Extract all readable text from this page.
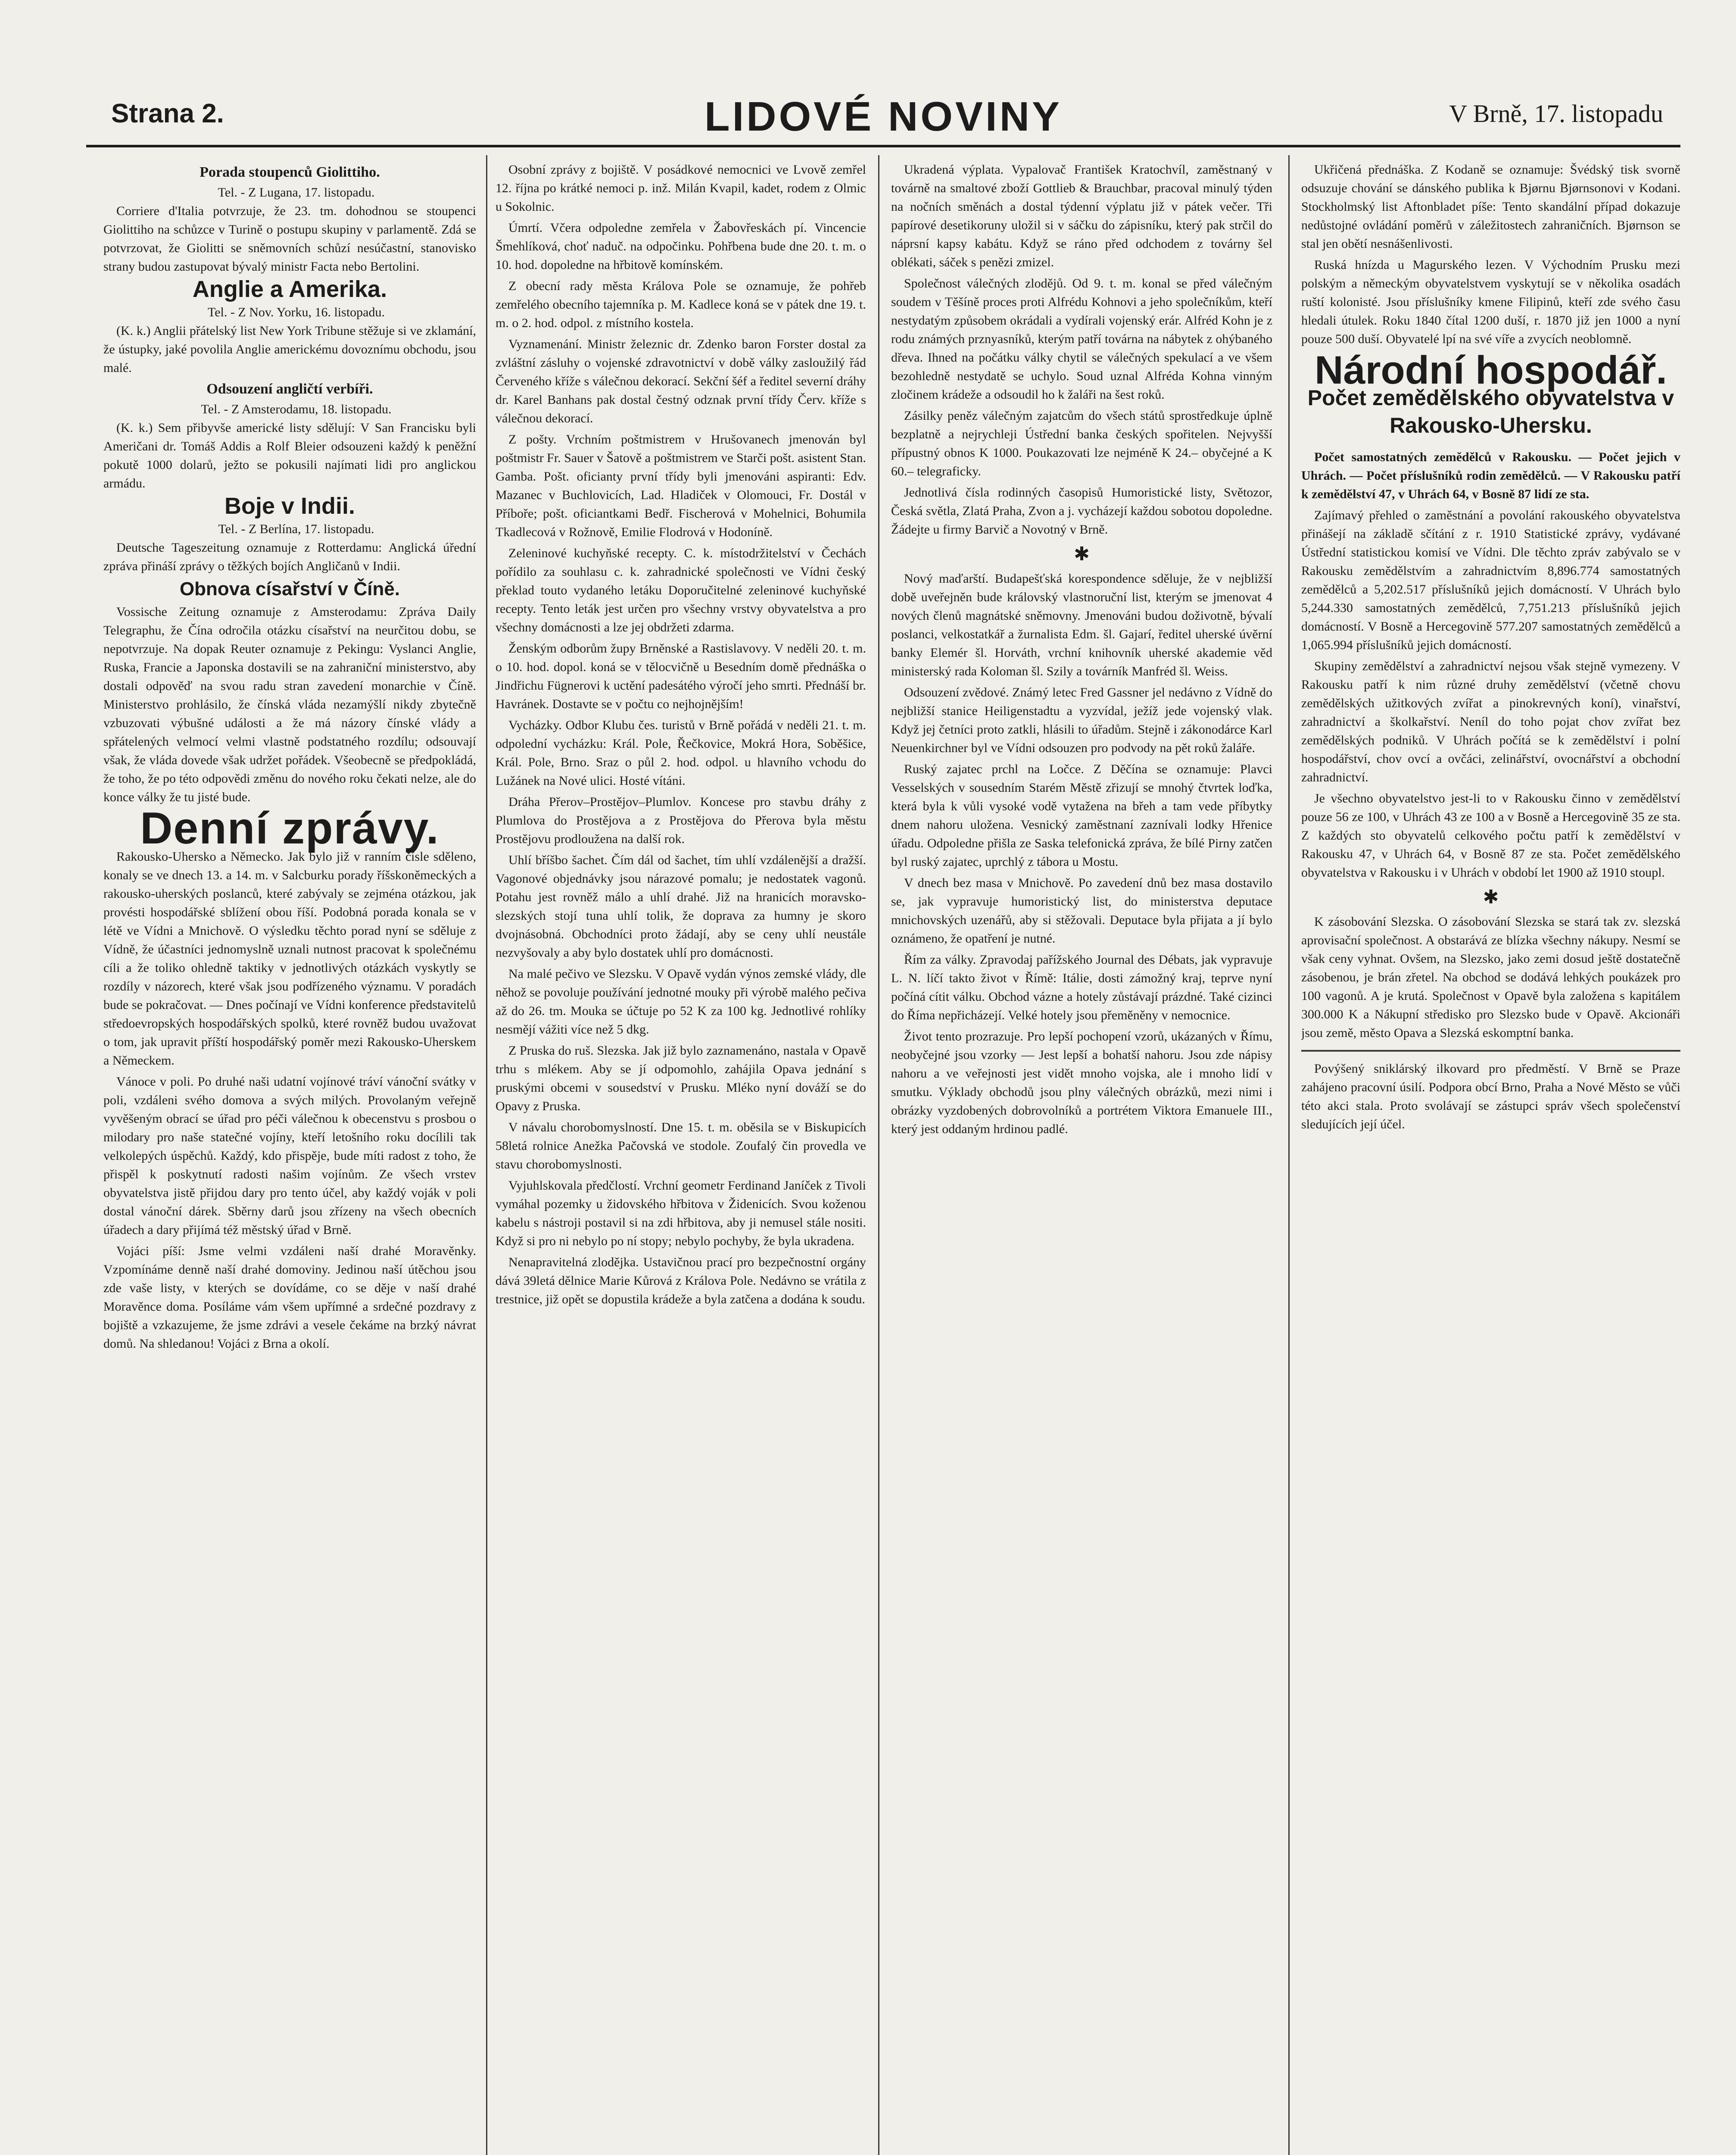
Strana 2.	LIDOVÉ NOVINY	V Brně, 17. listopadu
Porada stoupenců Giolittiho.

Tel. - Z Lugana, 17. listopadu.

Corriere d'Italia potvrzuje, že 23. tm. dohodnou se stoupenci Giolittiho na schůzce v Turině o postupu skupiny v parlamentě. Zdá se potvrzovat, že Giolitti se sněmovních schůzí nesúčastní, stanovisko strany budou zastupovat bývalý ministr Facta nebo Bertolini.

Anglie a Amerika.

Tel. - Z Nov. Yorku, 16. listopadu.

(K. k.) Anglii přátelský list New York Tribune stěžuje si ve zklamání, že ústupky, jaké povolila Anglie americkému dovoznímu obchodu, jsou malé.

Odsouzení angličtí verbíři.

Tel. - Z Amsterodamu, 18. listopadu.

(K. k.) Sem přibyvše americké listy sdělují: V San Francisku byli Američani dr. Tomáš Addis a Rolf Bleier odsouzeni každý k peněžní pokutě 1000 dolarů, ježto se pokusili najímati lidi pro anglickou armádu.

Boje v Indii.

Tel. - Z Berlína, 17. listopadu.

Deutsche Tageszeitung oznamuje z Rotterdamu: Anglická úřední zpráva přináší zprávy o těžkých bojích Angličanů v Indii.

Obnova císařství v Číně.

Vossische Zeitung oznamuje z Amsterodamu: Zpráva Daily Telegraphu, že Čína odročila otázku císařství na neurčitou dobu, se nepotvrzuje. Na dopak Reuter oznamuje z Pekingu: Vyslanci Anglie, Ruska, Francie a Japonska dostavili se na zahraniční ministerstvo, aby dostali odpověď na svou radu stran zavedení monarchie v Číně. Ministerstvo prohlásilo, že čínská vláda nezamýšlí nikdy zbytečně vzbuzovati výbušné události a že má názory čínské vlády a spřátelených velmocí velmi vlastně podstatného rozdílu; odsouvají však, že vláda dovede však udržet pořádek. Všeobecně se předpokládá, že toho, že po této odpovědi změnu do nového roku čekati nelze, ale do konce války že tu jisté bude.

Denní zprávy.

Rakousko-Uhersko a Německo. Jak bylo již v ranním čísle sděleno, konaly se ve dnech 13. a 14. m. v Salcburku porady říšskoněmeckých a rakousko-uherských poslanců, které zabývaly se zejména otázkou, jak provésti hospodářské sblížení obou říší. Podobná porada konala se v létě ve Vídni a Mnichově. O výsledku těchto porad nyní se sděluje z Vídně, že účastníci jednomyslně uznali nutnost pracovat k společnému cíli a že toliko ohledně taktiky v jednotlivých otázkách vyskytly se rozdíly v názorech, které však jsou podřízeného významu. V poradách bude se pokračovat. — Dnes počínají ve Vídni konference představitelů středoevropských hospodářských spolků, které rovněž budou uvažovat o tom, jak upravit příští hospodářský poměr mezi Rakousko-Uherskem a Německem.

Vánoce v poli. Po druhé naši udatní vojínové tráví vánoční svátky v poli, vzdáleni svého domova a svých milých. Provolaným veřejně vyvěšeným obrací se úřad pro péči válečnou k obecenstvu s prosbou o milodary pro naše statečné vojíny, kteří letošního roku docílili tak velkolepých úspěchů. Každý, kdo přispěje, bude míti radost z toho, že přispěl k poskytnutí radosti našim vojínům. Ze všech vrstev obyvatelstva jistě přijdou dary pro tento účel, aby každý voják v poli dostal vánoční dárek. Sběrny darů jsou zřízeny na všech obecních úřadech a dary přijímá též městský úřad v Brně.

Vojáci píší: Jsme velmi vzdáleni naší drahé Moravěnky. Vzpomínáme denně naší drahé domoviny. Jedinou naší útěchou jsou zde vaše listy, v kterých se dovídáme, co se děje v naší drahé Moravěnce doma. Posíláme vám všem upřímné a srdečné pozdravy z bojiště a vzkazujeme, že jsme zdrávi a vesele čekáme na brzký návrat domů. Na shledanou! Vojáci z Brna a okolí.

Osobní zprávy z bojiště. V posádkové nemocnici ve Lvově zemřel 12. října po krátké nemoci p. inž. Milán Kvapil, kadet, rodem z Olmic u Sokolnic.

Úmrtí. Včera odpoledne zemřela v Žabovřeskách pí. Vincencie Šmehlíková, choť naduč. na odpočinku. Pohřbena bude dne 20. t. m. o 10. hod. dopoledne na hřbitově komínském.

Z obecní rady města Králova Pole se oznamuje, že pohřeb zemřelého obecního tajemníka p. M. Kadlece koná se v pátek dne 19. t. m. o 2. hod. odpol. z místního kostela.

Vyznamenání. Ministr železnic dr. Zdenko baron Forster dostal za zvláštní zásluhy o vojenské zdravotnictví v době války zasloužilý řád Červeného kříže s válečnou dekorací. Sekční šéf a ředitel severní dráhy dr. Karel Banhans pak dostal čestný odznak první třídy Červ. kříže s válečnou dekorací.

Z pošty. Vrchním poštmistrem v Hrušovanech jmenován byl poštmistr Fr. Sauer v Šatově a poštmistrem ve Starči pošt. asistent Stan. Gamba. Pošt. oficianty první třídy byli jmenováni aspiranti: Edv. Mazanec v Buchlovicích, Lad. Hladiček v Olomouci, Fr. Dostál v Příboře; pošt. oficiantkami Bedř. Fischerová v Mohelnici, Bohumila Tkadlecová v Rožnově, Emilie Flodrová v Hodoníně.

Zeleninové kuchyňské recepty. C. k. místodržitelství v Čechách pořídilo za souhlasu c. k. zahradnické společnosti ve Vídni český překlad touto vydaného letáku Doporučitelné zeleninové kuchyňské recepty. Tento leták jest určen pro všechny vrstvy obyvatelstva a pro všechny domácnosti a lze jej obdržeti zdarma.

Ženským odborům župy Brněnské a Rastislavovy. V neděli 20. t. m. o 10. hod. dopol. koná se v tělocvičně u Besedním domě přednáška o Jindřichu Fügnerovi k uctění padesátého výročí jeho smrti. Přednáší br. Havránek. Dostavte se v počtu co nejhojnějším!

Vycházky. Odbor Klubu čes. turistů v Brně pořádá v neděli 21. t. m. odpolední vycházku: Král. Pole, Řečkovice, Mokrá Hora, Soběšice, Král. Pole, Brno. Sraz o půl 2. hod. odpol. u hlavního vchodu do Lužánek na Nové ulici. Hosté vítáni.

Dráha Přerov–Prostějov–Plumlov. Koncese pro stavbu dráhy z Plumlova do Prostějova a z Prostějova do Přerova byla městu Prostějovu prodloužena na další rok.

Uhlí bříšbo šachet. Čím dál od šachet, tím uhlí vzdálenější a dražší. Vagonové objednávky jsou nárazové pomalu; je nedostatek vagonů. Potahu jest rovněž málo a uhlí drahé. Již na hranicích moravsko-slezských stojí tuna uhlí tolik, že doprava za humny je skoro dvojnásobná. Obchodníci proto žádají, aby se ceny uhlí neustále nezvyšovaly a aby bylo dostatek uhlí pro domácnosti.

Na malé pečivo ve Slezsku. V Opavě vydán výnos zemské vlády, dle něhož se povoluje používání jednotné mouky při výrobě malého pečiva až do 26. tm. Mouka se účtuje po 52 K za 100 kg. Jednotlivé rohlíky nesmějí vážiti více než 5 dkg.

Z Pruska do ruš. Slezska. Jak již bylo zaznamenáno, nastala v Opavě trhu s mlékem. Aby se jí odpomohlo, zahájila Opava jednání s pruskými obcemi v sousedství v Prusku. Mléko nyní dováží se do Opavy z Pruska.

V návalu chorobomyslností. Dne 15. t. m. oběsila se v Biskupicích 58letá rolnice Anežka Pačovská ve stodole. Zoufalý čin provedla ve stavu chorobomyslnosti.

Vyjuhlskovala předčlostí. Vrchní geometr Ferdinand Janíček z Tivoli vymáhal pozemky u židovského hřbitova v Židenicích. Svou koženou kabelu s nástroji postavil si na zdi hřbitova, aby ji nemusel stále nositi. Když si pro ni nebylo po ní stopy; nebylo pochyby, že byla ukradena.

Nenapravitelná zlodějka. Ustavičnou prací pro bezpečnostní orgány dává 39letá dělnice Marie Kůrová z Králova Pole. Nedávno se vrátila z trestnice, již opět se dopustila krádeže a byla zatčena a dodána k soudu.

Ukradená výplata. Vypalovač František Kratochvíl, zaměstnaný v továrně na smaltové zboží Gottlieb & Brauchbar, pracoval minulý týden na nočních směnách a dostal týdenní výplatu již v pátek večer. Tři papírové desetikoruny uložil si v sáčku do zápisníku, který pak strčil do náprsní kapsy kabátu. Když se ráno před odchodem z továrny šel oblékati, sáček s penězi zmizel.

Společnost válečných zlodějů. Od 9. t. m. konal se před válečným soudem v Těšíně proces proti Alfrédu Kohnovi a jeho společníkům, kteří nestydatým způsobem okrádali a vydírali vojenský erár. Alfréd Kohn je z rodu známých prznyasníků, kterým patří továrna na nábytek z ohýbaného dřeva. Ihned na počátku války chytil se válečných spekulací a ve všem bezohledně nestydatě se uchylo. Soud uznal Alfréda Kohna vinným zločinem krádeže a odsoudil ho k žaláři na šest roků.

Zásilky peněz válečným zajatcům do všech států sprostředkuje úplně bezplatně a nejrychleji Ústřední banka českých spořitelen. Nejvyšší přípustný obnos K 1000. Poukazovati lze nejméně K 24.– obyčejné a K 60.– telegraficky.

Jednotlivá čísla rodinných časopisů Humoristické listy, Světozor, Česká světla, Zlatá Praha, Zvon a j. vycházejí každou sobotou dopoledne. Žádejte u firmy Barvič a Novotný v Brně.

✱

Nový maďarští. Budapešťská korespondence sděluje, že v nejbližší době uveřejněn bude královský vlastnoruční list, kterým se jmenovat 4 nových členů magnátské sněmovny. Jmenováni budou doživotně, bývalí poslanci, velkostatkář a žurnalista Edm. šl. Gajarí, ředitel uherské úvěrní banky Elemér šl. Horváth, vrchní knihovník uherské akademie věd ministerský rada Koloman šl. Szily a továrník Manfréd šl. Weiss.

Odsouzení zvědové. Známý letec Fred Gassner jel nedávno z Vídně do nejbližší stanice Heiligenstadtu a vyzvídal, ježíž jede vojenský vlak. Když jej četníci proto zatkli, hlásili to úřadům. Stejně i zákonodárce Karl Neuenkirchner byl ve Vídni odsouzen pro podvody na pět roků žaláře.

Ruský zajatec prchl na Ločce. Z Děčína se oznamuje: Plavci Vesselských v sousedním Starém Městě zřizují se mnohý čtvrtek loďka, která byla k vůli vysoké vodě vytažena na břeh a tam vede příbytky dnem nahoru uložena. Vesnický zaměstnaní zaznívali lodky Hřenice úřadu. Odpoledne přišla ze Saska telefonická zpráva, že bílé Pirny zatčen byl ruský zajatec, uprchlý z tábora u Mostu.

V dnech bez masa v Mnichově. Po zavedení dnů bez masa dostavilo se, jak vypravuje humoristický list, do ministerstva deputace mnichovských uzenářů, aby si stěžovali. Deputace byla přijata a jí bylo oznámeno, že opatření je nutné.

Řím za války. Zpravodaj pařížského Journal des Débats, jak vypravuje L. N. líčí takto život v Římě: Itálie, dosti zámožný kraj, teprve nyní počíná cítit válku. Obchod vázne a hotely zůstávají prázdné. Také cizinci do Říma nepřicházejí. Velké hotely jsou přeměněny v nemocnice.

Život tento prozrazuje. Pro lepší pochopení vzorů, ukázaných v Římu, neobyčejné jsou vzorky — Jest lepší a bohatší nahoru. Jsou zde nápisy nahoru a ve veřejnosti jest vidět mnoho vojska, ale i mnoho lidí v smutku. Výklady obchodů jsou plny válečných obrázků, mezi nimi i obrázky vyzdobených dobrovolníků a portrétem Viktora Emanuele III., který jest oddaným hrdinou padlé.

Ukřičená přednáška. Z Kodaně se oznamuje: Švédský tisk svorně odsuzuje chování se dánského publika k Bjørnu Bjørnsonovi v Kodani. Stockholmský list Aftonbladet píše: Tento skandální případ dokazuje nedůstojné ovládání poměrů v záležitostech zahraničních. Bjørnson se stal jen obětí nesnášenlivosti.

Ruská hnízda u Magurského lezen. V Východním Prusku mezi polským a německým obyvatelstvem vyskytují se v několika osadách ruští kolonisté. Jsou příslušníky kmene Filipinů, kteří zde svého času hledali útulek. Roku 1840 čítal 1200 duší, r. 1870 již jen 1000 a nyní pouze 500 duší. Obyvatelé lpí na své víře a zvycích neoblomně.

Národní hospodář.
Počet zemědělského obyvatelstva v Rakousko-Uhersku.

Počet samostatných zemědělců v Rakousku. — Počet jejich v Uhrách. — Počet příslušníků rodin zemědělců. — V Rakousku patří k zemědělství 47, v Uhrách 64, v Bosně 87 lidí ze sta.

Zajímavý přehled o zaměstnání a povolání rakouského obyvatelstva přinášejí na základě sčítání z r. 1910 Statistické zprávy, vydávané Ústřední statistickou komisí ve Vídni. Dle těchto zpráv zabývalo se v Rakousku zemědělstvím a zahradnictvím 8,896.774 samostatných zemědělců a 5,202.517 příslušníků jejich domácností. V Uhrách bylo 5,244.330 samostatných zemědělců, 7,751.213 příslušníků jejich domácností. V Bosně a Hercegovině 577.207 samostatných zemědělců a 1,065.994 příslušníků jejich domácností.

Skupiny zemědělství a zahradnictví nejsou však stejně vymezeny. V Rakousku patří k nim různé druhy zemědělství (včetně chovu zemědělských užitkových zvířat a pinokrevných koní), vinařství, zahradnictví a školkařství. Neníl do toho pojat chov zvířat bez zemědělských podniků. V Uhrách počítá se k zemědělství i polní hospodářství, chov ovcí a ovčáci, zelinářství, ovocnářství a obchodní zahradnictví.

Je všechno obyvatelstvo jest-li to v Rakousku činno v zemědělství pouze 56 ze 100, v Uhrách 43 ze 100 a v Bosně a Hercegovině 35 ze sta. Z každých sto obyvatelů celkového počtu patří k zemědělství v Rakousku 47, v Uhrách 64, v Bosně 87 ze sta. Počet zemědělského obyvatelstva v Rakousku i v Uhrách v období let 1900 až 1910 stoupl.

✱

K zásobování Slezska. O zásobování Slezska se stará tak zv. slezská aprovisační společnost. A obstarává ze blízka všechny nákupy. Nesmí se však ceny vyhnat. Ovšem, na Slezsko, jako zemi dosud ještě dostatečně zásobenou, je brán zřetel. Na obchod se dodává lehkých poukázek pro 100 vagonů. A je krutá. Společnost v Opavě byla založena s kapitálem 300.000 K a Nákupní středisko pro Slezsko bude v Opavě. Akcionáři jsou země, město Opava a Slezská eskomptní banka.

Povýšený sniklárský ilkovard pro předměstí. V Brně se Praze zahájeno pracovní úsilí. Podpora obcí Brno, Praha a Nové Město se vůči této akci stala. Proto svolávají se zástupci správ všech společenství sledujících její účel.
